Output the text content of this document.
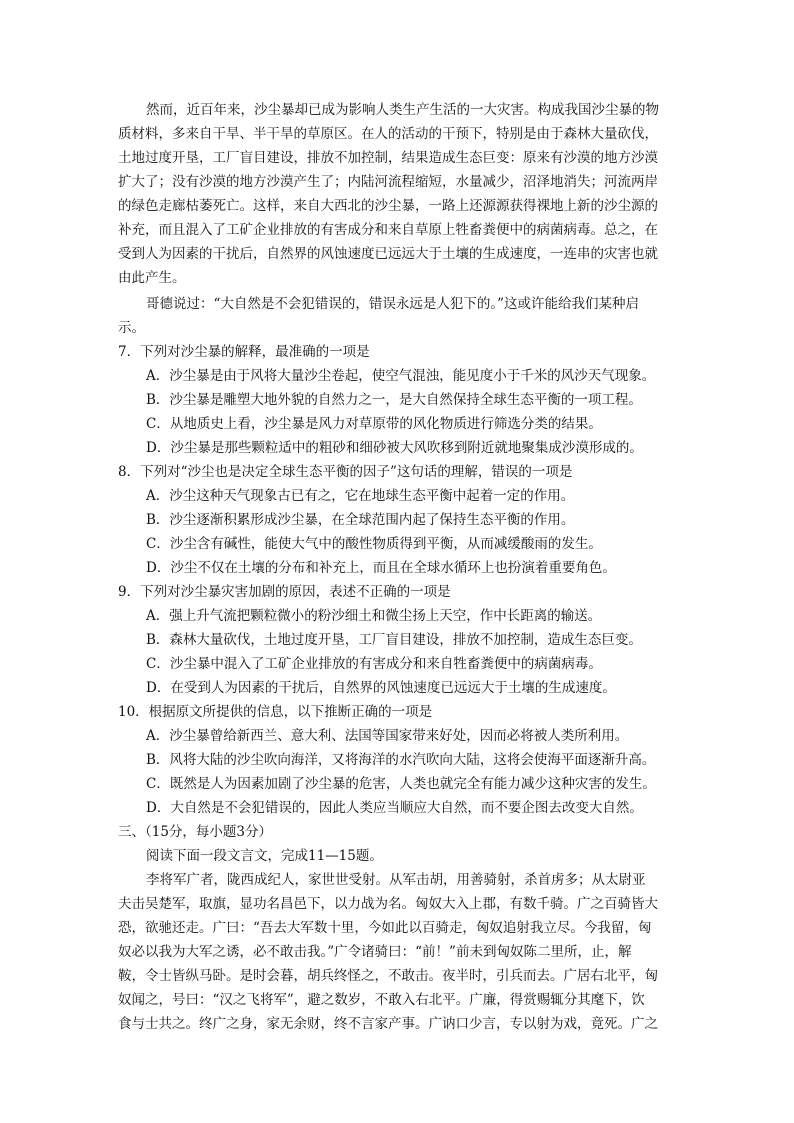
然而，近百年来，沙尘暴却已成为影响人类生产生活的一大灾害。构成我国沙尘暴的物
质材料，多来自干旱、半干旱的草原区。在人的活动的干预下，特别是由于森林大量砍伐，
土地过度开垦，工厂盲目建设，排放不加控制，结果造成生态巨变：原来有沙漠的地方沙漠
扩大了；没有沙漠的地方沙漠产生了；内陆河流程缩短，水量减少，沼泽地消失；河流两岸
的绿色走廊枯萎死亡。这样，来自大西北的沙尘暴，一路上还源源获得裸地上新的沙尘源的
补充，而且混入了工矿企业排放的有害成分和来自草原上牲畜粪便中的病菌病毒。总之，在
受到人为因素的干扰后，自然界的风蚀速度已远远大于土壤的生成速度，一连串的灾害也就
由此产生。
哥德说过：“大自然是不会犯错误的，错误永远是人犯下的。”这或许能给我们某种启
示。
7．下列对沙尘暴的解释，最准确的一项是
A．沙尘暴是由于风将大量沙尘卷起，使空气混浊，能见度小于千米的风沙天气现象。
B．沙尘暴是雕塑大地外貌的自然力之一，是大自然保持全球生态平衡的一项工程。
C．从地质史上看，沙尘暴是风力对草原带的风化物质进行筛选分类的结果。
D．沙尘暴是那些颗粒适中的粗砂和细砂被大风吹移到附近就地聚集成沙漠形成的。
8．下列对“沙尘也是决定全球生态平衡的因子”这句话的理解，错误的一项是
A．沙尘这种天气现象古已有之，它在地球生态平衡中起着一定的作用。
B．沙尘逐渐积累形成沙尘暴，在全球范围内起了保持生态平衡的作用。
C．沙尘含有碱性，能使大气中的酸性物质得到平衡，从而减缓酸雨的发生。
D．沙尘不仅在土壤的分布和补充上，而且在全球水循环上也扮演着重要角色。
9．下列对沙尘暴灾害加剧的原因，表述不正确的一项是
A．强上升气流把颗粒微小的粉沙细土和微尘扬上天空，作中长距离的输送。
B．森林大量砍伐，土地过度开垦，工厂盲目建设，排放不加控制，造成生态巨变。
C．沙尘暴中混入了工矿企业排放的有害成分和来自牲畜粪便中的病菌病毒。
D．在受到人为因素的干扰后，自然界的风蚀速度已远远大于土壤的生成速度。
10．根据原文所提供的信息，以下推断正确的一项是
A．沙尘暴曾给新西兰、意大利、法国等国家带来好处，因而必将被人类所利用。
B．风将大陆的沙尘吹向海洋，又将海洋的水汽吹向大陆，这将会使海平面逐渐升高。
C．既然是人为因素加剧了沙尘暴的危害，人类也就完全有能力减少这种灾害的发生。
D．大自然是不会犯错误的，因此人类应当顺应大自然，而不要企图去改变大自然。
三、（15分，每小题3分）
阅读下面一段文言文，完成11—15题。
李将军广者，陇西成纪人，家世世受射。从军击胡，用善骑射，杀首虏多；从太尉亚
夫击吴楚军，取旗，显功名昌邑下，以力战为名。匈奴大入上郡，有数千骑。广之百骑皆大
恐，欲驰还走。广曰：“吾去大军数十里，今如此以百骑走，匈奴追射我立尽。今我留，匈
奴必以我为大军之诱，必不敢击我。”广令诸骑曰：“前！”前未到匈奴陈二里所，止，解
鞍，令士皆纵马卧。是时会暮，胡兵终怪之，不敢击。夜半时，引兵而去。广居右北平，匈
奴闻之，号曰：“汉之飞将军”，避之数岁，不敢入右北平。广廉，得赏赐辄分其麾下，饮
食与士共之。终广之身，家无余财，终不言家产事。广讷口少言，专以射为戏，竟死。广之
